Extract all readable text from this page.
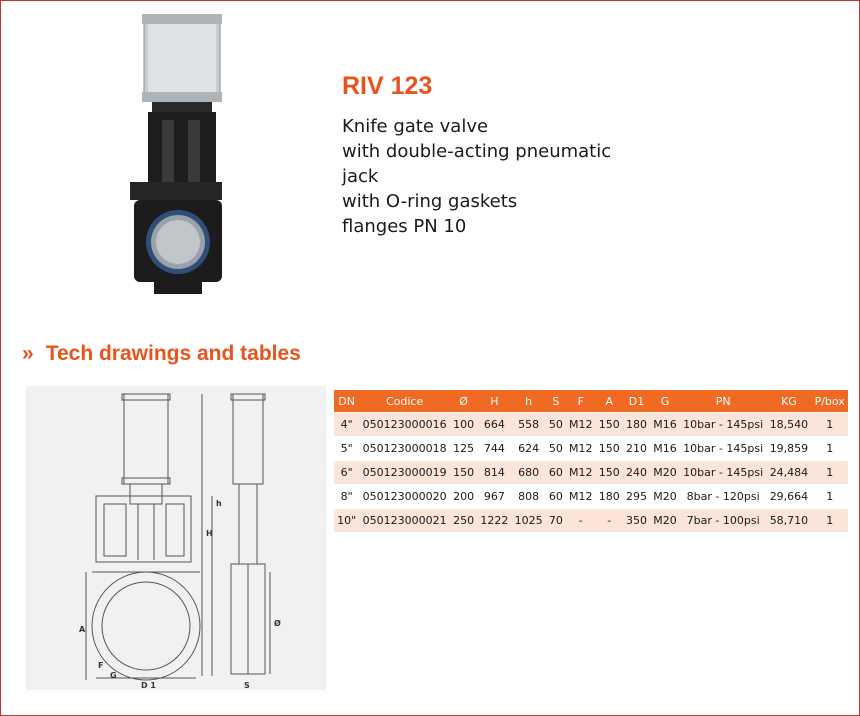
RIV 123
Knife gate valve
with double-acting pneumatic
jack
with O-ring gaskets
flanges PN 10
» Tech drawings and tables
A
D 1	S
F
G
H
h
Ø
DN	Codice	Ø	H	h	S	F	A	D1	G	PN	KG	P/box
4"	050123000016	100	664	558	50	M12	150	180	M16	10bar - 145psi	18,540	1
5"	050123000018	125	744	624	50	M12	150	210	M16	10bar - 145psi	19,859	1
6"	050123000019	150	814	680	60	M12	150	240	M20	10bar - 145psi	24,484	1
8"	050123000020	200	967	808	60	M12	180	295	M20	8bar - 120psi	29,664	1
10"	050123000021	250	1222	1025	70	-	-	350	M20	7bar - 100psi	58,710	1
